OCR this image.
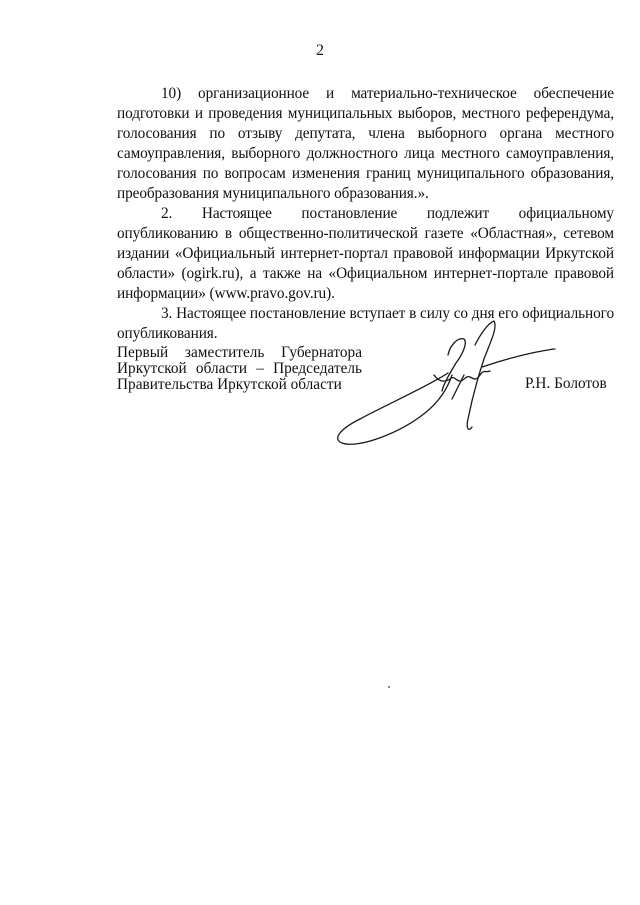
2

10) организационное и материально-техническое обеспечение подготовки и проведения муниципальных выборов, местного референдума, голосования по отзыву депутата, члена выборного органа местного самоуправления, выборного должностного лица местного самоуправления, голосования по вопросам изменения границ муниципального образования, преобразования муниципального образования.».

2. Настоящее постановление подлежит официальному опубликованию в общественно-политической газете «Областная», сетевом издании «Официальный интернет-портал правовой информации Иркутской области» (ogirk.ru), а также на «Официальном интернет-портале правовой информации» (www.pravo.gov.ru).

3. Настоящее постановление вступает в силу со дня его официального опубликования.

Первый заместитель Губернатора
Иркутской области – Председатель
Правительства Иркутской области	Р.Н. Болотов
